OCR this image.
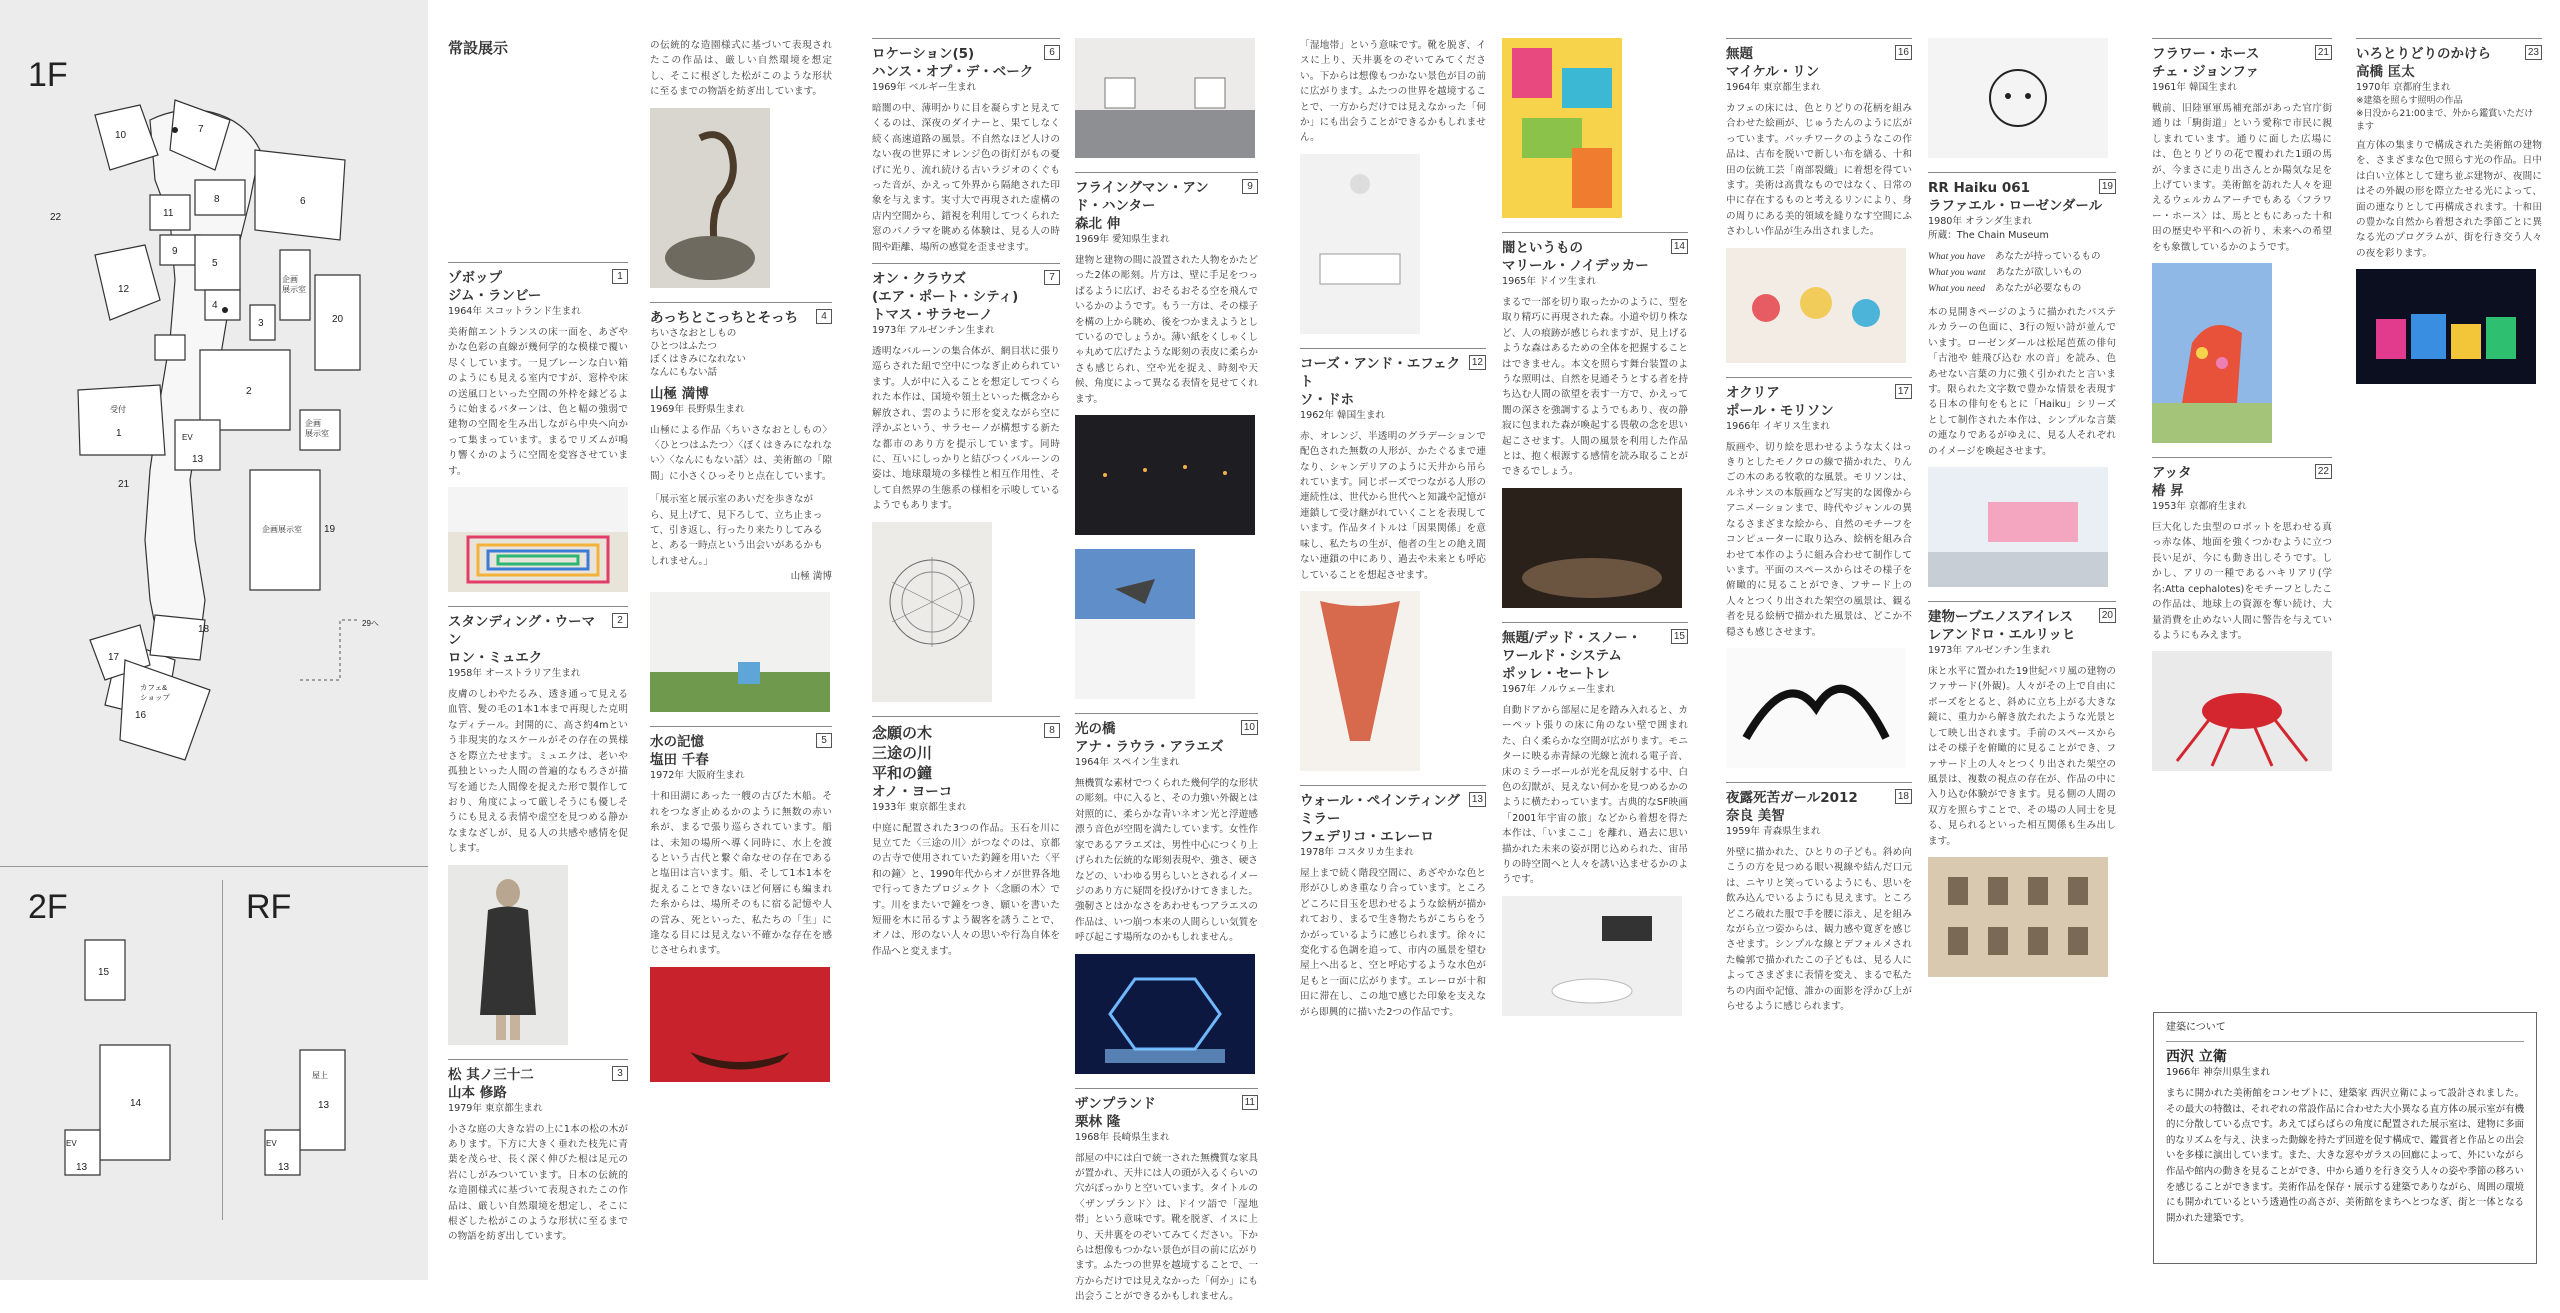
1F
2F	RF
10
7
6
8
11
9
5
12
4
3	20
2
1
受付
企画
展示室
企画
展示室
企画展示室 19
EV
13
21
18
17
16
カフェ&
ショップ
22
29へ
15
14
EV
13
屋上
13
EV
13
常設展示
1
ゾボップ
ジム・ランビー
1964年 スコットランド生まれ
美術館エントランスの床一面を、あざやかな色彩の直線が幾何学的な模様で覆い尽くしています。一見ブレーンな白い箱のようにも見える室内ですが、窓枠や床の送風口といった空間の外枠を縁どるように始まるパターンは、色と幅の強弱で建物の空間を生み出しながら中央へ向かって集まっています。まるでリズムが鳴り響くかのように空間を変容させています。
2
スタンディング・ウーマン
ロン・ミュエク
1958年 オーストラリア生まれ
皮膚のしわやたるみ、透き通って見える血管、髪の毛の1本1本まで再現した克明なディテール。封開的に、高さ約4mという非現実的なスケールがその存在の異様さを際立たせます。ミュエクは、老いや孤独といった人間の普遍的なもろさが描写を通じた人間像を捉えた形で製作しており、角度によって厳しそうにも優しそうにも見える表情や虚空を見つめる静かなまなざしが、見る人の共感や感情を促します。
3
松 其ノ三十二
山本 修路
1979年 東京都生まれ
小さな庭の大きな岩の上に1本の松の木があります。下方に大きく垂れた枝先に青葉を茂らせ、長く深く伸びた根は足元の岩にしがみついています。日本の伝統的な造園様式に基づいて表現されたこの作品は、厳しい自然環境を想定し、そこに根ざした松がこのような形状に至るまでの物語を紡ぎ出しています。
の伝統的な造園様式に基づいて表現されたこの作品は、厳しい自然環境を想定し、そこに根ざした松がこのような形状に至るまでの物語を紡ぎ出しています。
4
あっちとこっちとそっち
ちいさなおとしもの
ひとつはふたつ
ぼくはきみになれない
なんにもない話
山極 満博
1969年 長野県生まれ
山極による作品〈ちいさなおとしもの〉〈ひとつはふたつ〉〈ぼくはきみになれない〉〈なんにもない話〉は、美術館の「隙間」に小さくひっそりと点在しています。
「展示室と展示室のあいだを歩きながら、見上げて、見下ろして、立ち止まって、引き返し、行ったり来たりしてみると、ある一時点という出会いがあるかもしれません。」
山極 満博
5
水の記憶
塩田 千春
1972年 大阪府生まれ
十和田湖にあった一艘の古びた木船。それをつなぎ止めるかのように無数の赤い糸が、まるで張り巡らされています。船は、未知の場所へ導く同時に、水上を渡るという古代と繋ぐ命なせの存在であると塩田は言います。船、そして1本1本を捉えることできないほど何層にも編まれた糸からは、場所そのもに宿る記憶や人の営み、死といった、私たちの「生」に逢なる目には見えない不確かな存在を感じさせられます。
6
ロケーション(5)
ハンス・オプ・デ・ベーク
1969年 ベルギー生まれ
暗闇の中、薄明かりに目を凝らすと見えてくるのは、深夜のダイナーと、果てしなく続く高速道路の風景。不自然なほど人けのない夜の世界にオレンジ色の街灯がもの憂げに光り、流れ続ける古いラジオのくぐもった音が、かえって外界から隔絶された印象を与えます。実寸大で再現された虚構の店内空間から、錯視を利用してつくられた窓のパノラマを眺める体験は、見る人の時間や距離、場所の感覚を歪ませます。
7
オン・クラウズ
(エア・ポート・シティ)
トマス・サラセーノ
1973年 アルゼンチン生まれ
透明なバルーンの集合体が、網目状に張り巡らされた紐で空中につなぎ止められています。人が中に入ることを想定してつくられた本作は、国境や領土といった概念から解放され、雲のように形を変えながら空に浮かぶという、サラセーノが構想する新たな都市のあり方を提示しています。同時に、互いにしっかりと結びつくバルーンの姿は、地球環境の多様性と相互作用性、そして自然界の生態系の様相を示唆しているようでもあります。
8
念願の木
三途の川
平和の鐘
オノ・ヨーコ
1933年 東京都生まれ
中庭に配置された3つの作品。玉石を川に見立てた〈三途の川〉がつなぐのは、京都の古寺で使用されていた釣鐘を用いた〈平和の鐘〉と、1990年代からオノが世界各地で行ってきたプロジェクト〈念願の木〉です。川をまたいで鐘をつき、願いを書いた短冊を木に吊るすよう観客を誘うことで、オノは、形のない人々の思いや行為自体を作品へと変えます。
9
フライングマン・アンド・ハンター
森北 伸
1969年 愛知県生まれ
建物と建物の間に設置された人物をかたどった2体の彫刻。片方は、壁に手足をつっぱるように広げ、おそるおそる空を飛んでいるかのようです。もう一方は、その様子を構の上から眺め、後をつかまえようとしているのでしょうか。薄い紙をくしゃくしゃ丸めて広げたような彫刻の表皮に柔らかさも感じられ、空や光を捉え、時刻や天候、角度によって異なる表情を見せてくれます。
10
光の橋
アナ・ラウラ・アラエズ
1964年 スペイン生まれ
無機質な素材でつくられた幾何学的な形状の彫刻。中に入ると、その力強い外観とは対照的に、柔らかな青いネオン光と浮遊感漂う音色が空間を満たしています。女性作家であるアラエズは、男性中心につくり上げられた伝統的な彫刻表現や、強さ、硬さなどの、いわゆる男らしいとされるイメージのあり方に疑問を投げかけてきました。強靭さとはかなさをあわせもつアラエスの作品は、いつ崩つ本来の人間らしい気質を呼び起こす場所なのかもしれません。
11
ザンプランド
栗林 隆
1968年 長崎県生まれ
部屋の中には白で統一された無機質な家具が置かれ、天井には人の頭が入るくらいの穴がぽっかりと空いています。タイトルの〈ザンプランド〉は、ドイツ語で「湿地帯」という意味です。靴を脱ぎ、イスに上り、天井裏をのぞいてみてください。下からは想像もつかない景色が目の前に広がります。ふたつの世界を越境することで、一方からだけでは見えなかった「何か」にも出会うことができるかもしれません。
「湿地帯」という意味です。靴を脱ぎ、イスに上り、天井裏をのぞいてみてください。下からは想像もつかない景色が目の前に広がります。ふたつの世界を越境することで、一方からだけでは見えなかった「何か」にも出会うことができるかもしれません。
12
コーズ・アンド・エフェクト
ソ・ドホ
1962年 韓国生まれ
赤、オレンジ、半透明のグラデーションで配色された無数の人形が、かたぐるまで連なり、シャンデリアのように天井から吊られています。同じポーズでつながる人形の連続性は、世代から世代へと知識や記憶が連鎖して受け継がれていくことを表現しています。作品タイトルは「因果関係」を意味し、私たちの生が、他者の生との絶え間ない連鎖の中にあり、過去や未来とも呼応していることを想起させます。
13
ウォール・ペインティング
ミラー
フェデリコ・エレーロ
1978年 コスタリカ生まれ
屋上まで続く階段空間に、あざやかな色と形がひしめき重なり合っています。ところどころに目玉を思わせるような絵柄が描かれており、まるで生き物たちがこちらをうかがっているように感じられます。徐々に変化する色調を追って、市内の風景を望む屋上へ出ると、空と呼応するような水色が足もと一面に広がります。エレーロが十和田に滞在し、この地で感じた印象を支えながら即興的に描いた2つの作品です。
14
闇というもの
マリール・ノイデッカー
1965年 ドイツ生まれ
まるで一部を切り取ったかのように、型を取り精巧に再現された森。小道や切り株など、人の痕跡が感じられますが、見上げるような森はあるための全体を把握することはできません。本文を照らす舞台装置のような照明は、自然を見通そうとする者を持ち込む人間の欲望を表す一方で、かえって闇の深さを強調するようでもあり、夜の静寂に包まれた森が喚起する畏敬の念を思い起こさせます。人間の風景を利用した作品とは、抱く根源する感情を読み取ることができるでしょう。
15
無題/デッド・スノー・
ワールド・システム
ポッレ・セートレ
1967年 ノルウェー生まれ
自動ドアから部屋に足を踏み入れると、カーペット張りの床に角のない壁で囲まれた、白く柔らかな空間が広がります。モニターに映る赤青緑の光線と流れる電子音、床のミラーボールが光を乱反射する中、白色の幻獣が、見えない何かを見つめるかのように横たわっています。古典的なSF映画「2001年宇宙の旅」などから着想を得た本作は、「いまここ」を離れ、過去に思い描かれた未来の姿が閉じ込められた、宙吊りの時空間へと人々を誘い込ませるかのようです。
16
無題
マイケル・リン
1964年 東京都生まれ
カフェの床には、色とりどりの花柄を組み合わせた絵画が、じゅうたんのように広がっています。パッチワークのようなこの作品は、古布を脱いで新しい布を繕る、十和田の伝統工芸「南部裂織」に着想を得ています。美術は高貴なものではなく、日常の中に存在するものと考えるリンにより、身の周りにある美的領域を縫りなす空間にふさわしい作品が生み出されました。
17
オクリア
ポール・モリソン
1966年 イギリス生まれ
版画や、切り絵を思わせるような太くはっきりとしたモノクロの線で描かれた、りんごの木のある牧歌的な風景。モリソンは、ルネサンスの本版画など写実的な図像からアニメーションまで、時代やジャンルの異なるさまざまな絵から、自然のモチーフをコンピューターに取り込み、絵柄を組み合わせて本作のように組み合わせて制作しています。平面のスペースからはその様子を俯瞰的に見ることができ、フサード上の人々とつくり出された架空の風景は、観る者を見る絵柄で描かれた風景は、どこか不穏さも感じさせます。
18
夜露死苦ガール2012
奈良 美智
1959年 青森県生まれ
外壁に描かれた、ひとりの子ども。斜め向こうの方を見つめる眼い視線や結んだ口元は、ニヤリと笑っているようにも、思いを飲み込んでいるようにも見えます。ところどころ破れた服で手を腰に添え、足を組みながら立つ姿からは、観力感や寛ぎを感じさせます。シンプルな線とデフォルメされた輪郭で描かれたこの子どもは、見る人によってさまざまに表情を変え、まるで私たちの内面や記憶、誰かの面影を浮かび上がらせるように感じられます。
19
RR Haiku 061
ラファエル・ローゼンダール
1980年 オランダ生まれ
所蔵：The Chain Museum
What you have あなたが持っているもの
What you want あなたが欲しいもの
What you need あなたが必要なもの
本の見開きページのように描かれたパステルカラーの色面に、3行の短い詩が並んでいます。ローゼンダールは松尾芭蕉の俳句「古池や 蛙飛び込む 水の音」を読み、色あせない言葉の力に強く引かれたと言います。限られた文字数で豊かな情景を表現する日本の俳句をもとに「Haiku」シリーズとして制作された本作は、シンプルな言葉の連なりであるがゆえに、見る人それぞれのイメージを喚起させます。
20
建物ーブエノスアイレス
レアンドロ・エルリッヒ
1973年 アルゼンチン生まれ
床と水平に置かれた19世紀パリ風の建物のファサード(外観)。人々がその上で自由にポーズをとると、斜めに立ち上がる大きな鏡に、重力から解き放たれたような光景として映し出されます。手前のスペースからはその様子を俯瞰的に見ることができ、ファサード上の人々とつくり出された架空の風景は、複数の視点の存在が、作品の中に入り込む体験ができます。見る側の人間の双方を照らすことで、その場の人同士を見る、見られるといった相互関係も生み出します。
21
フラワー・ホース
チェ・ジョンファ
1961年 韓国生まれ
戦前、旧陸軍軍馬補充部があった官庁街通りは「駒街道」という愛称で市民に親しまれています。通りに面した広場には、色とりどりの花で覆われた1頭の馬が、今まさに走り出さんとか陽気な足を上げています。美術館を訪れた人々を迎えるウェルカムアーチでもある〈フラワー・ホース〉は、馬とともにあった十和田の歴史や平和への祈り、未来への希望をも象徴しているかのようです。
22
アッタ
椿 昇
1953年 京都府生まれ
巨大化した虫型のロボットを思わせる真っ赤な体、地面を強くつかむように立つ長い足が、今にも動き出しそうです。しかし、アリの一種であるハキリアリ(学名:Atta cephalotes)をモチーフとしたこの作品は、地球上の資源を奪い続け、大量消費を止めない人間に警告を与えているようにもみえます。
23
いろとりどりのかけら
高橋 匡太
1970年 京都府生まれ
※建築を照らす照明の作品
※日没から21:00まで、外から鑑賞いただけます
直方体の集まりで構成された美術館の建物を、さまざまな色で照らす光の作品。日中は白い立体として建ち並ぶ建物が、夜間にはその外観の形を際立たせる光によって、面の連なりとして再構成されます。十和田の豊かな自然から着想された季節ごとに異なる光のプログラムが、街を行き交う人々の夜を彩ります。
建築について
西沢 立衛
1966年 神奈川県生まれ
まちに開かれた美術館をコンセプトに、建築家 西沢立衛によって設計されました。その最大の特徴は、それぞれの常設作品に合わせた大小異なる直方体の展示室が有機的に分散している点です。あえてばらばらの角度に配置された展示室は、建物に多面的なリズムを与え、決まった動線を持たず回遊を促す構成で、鑑賞者と作品との出会いを多様に演出しています。また、大きな窓やガラスの回廊によって、外にいながら作品や館内の動きを見ることができ、中から通りを行き交う人々の姿や季節の移ろいを感じることができます。美術作品を保存・展示する建築でありながら、周囲の環境にも開かれているという透過性の高さが、美術館をまちへとつなぎ、街と一体となる開かれた建築です。
